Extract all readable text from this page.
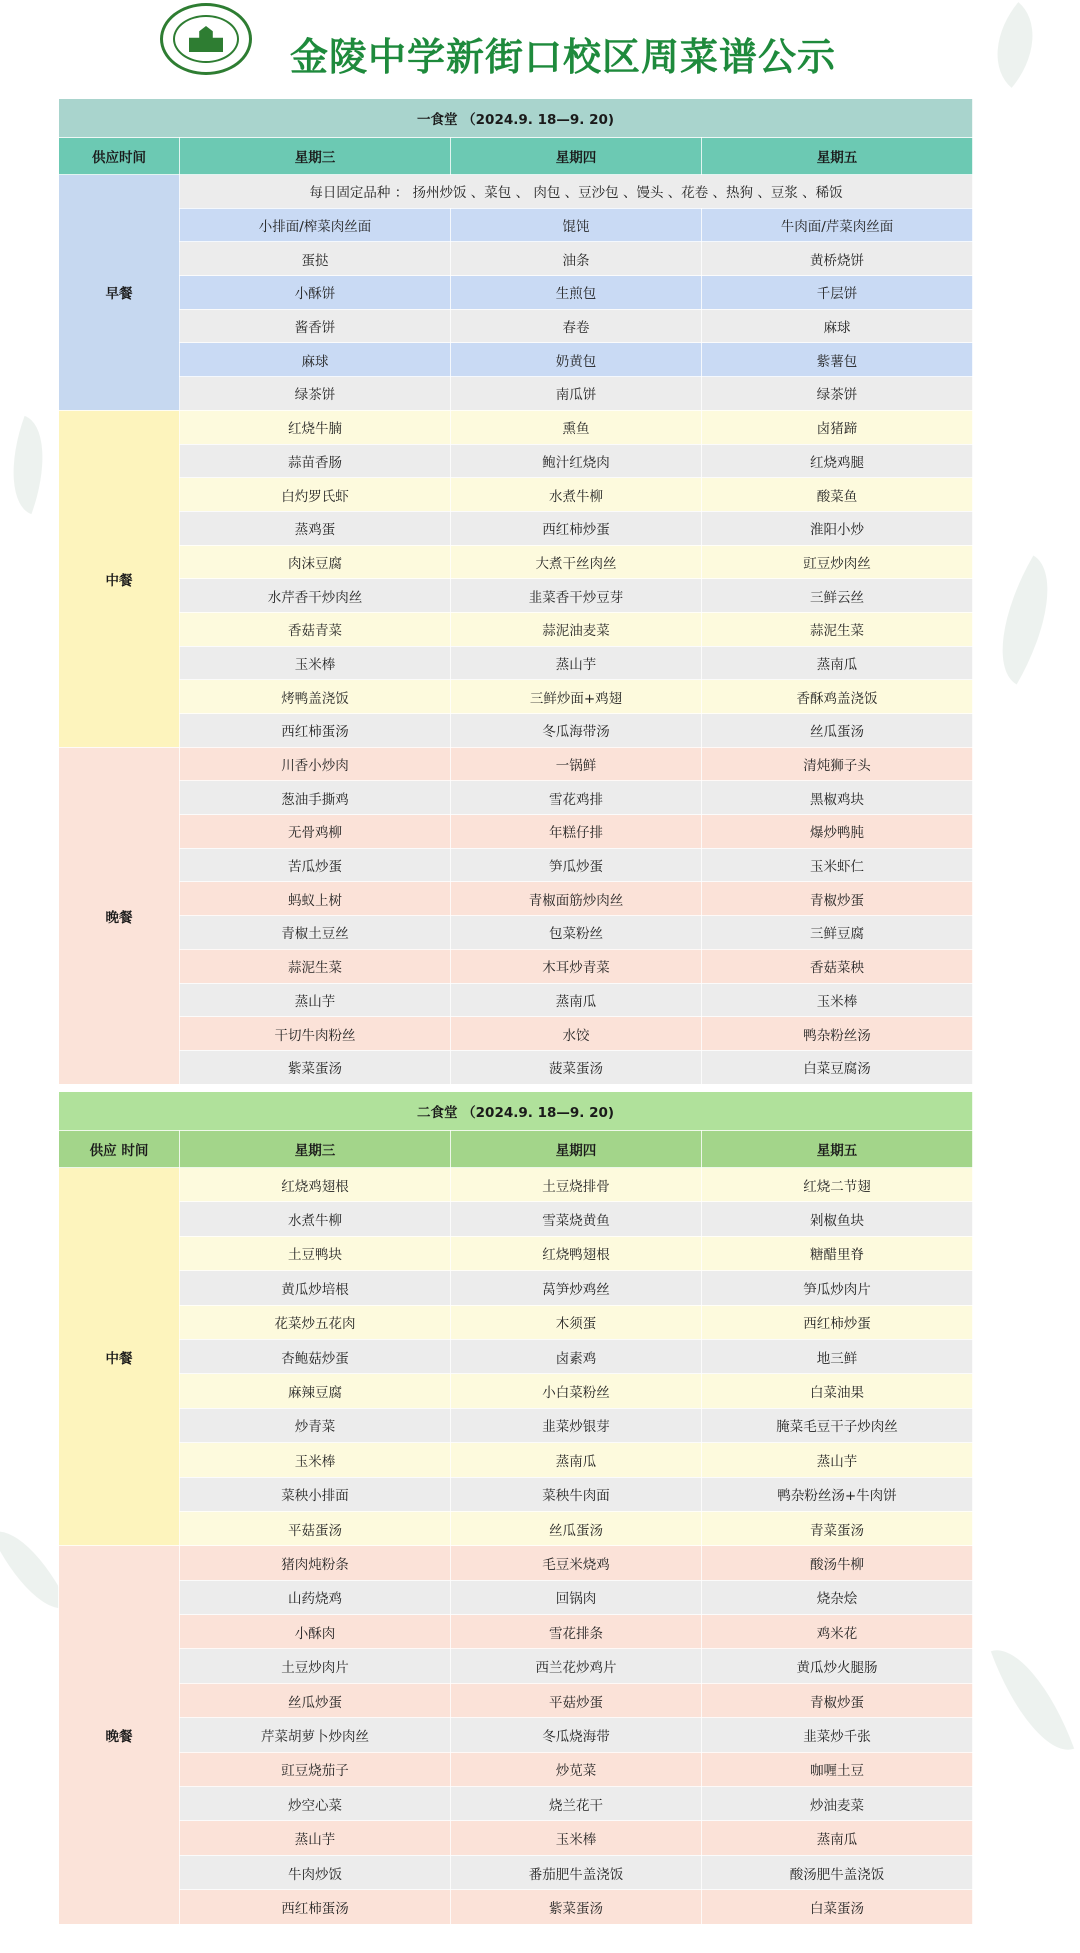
金陵中学新街口校区周菜谱公示
一食堂 （2024.9. 18—9. 20)			
供应时间	星期三	星期四	星期五
早餐	每日固定品种 ： 扬州炒饭 、菜包 、 肉包 、豆沙包 、馒头 、花卷 、热狗 、豆浆 、稀饭		
	小排面/榨菜肉丝面	馄饨	牛肉面/芹菜肉丝面
	蛋挞	油条	黄桥烧饼
	小酥饼	生煎包	千层饼
	酱香饼	春卷	麻球
	麻球	奶黄包	紫薯包
	绿茶饼	南瓜饼	绿茶饼
中餐	红烧牛腩	熏鱼	卤猪蹄
	蒜苗香肠	鲍汁红烧肉	红烧鸡腿
	白灼罗氏虾	水煮牛柳	酸菜鱼
	蒸鸡蛋	西红柿炒蛋	淮阳小炒
	肉沫豆腐	大煮干丝肉丝	豇豆炒肉丝
	水芹香干炒肉丝	韭菜香干炒豆芽	三鲜云丝
	香菇青菜	蒜泥油麦菜	蒜泥生菜
	玉米棒	蒸山芋	蒸南瓜
	烤鸭盖浇饭	三鲜炒面+鸡翅	香酥鸡盖浇饭
	西红柿蛋汤	冬瓜海带汤	丝瓜蛋汤
晚餐	川香小炒肉	一锅鲜	清炖狮子头
	葱油手撕鸡	雪花鸡排	黑椒鸡块
	无骨鸡柳	年糕仔排	爆炒鸭肫
	苦瓜炒蛋	笋瓜炒蛋	玉米虾仁
	蚂蚁上树	青椒面筋炒肉丝	青椒炒蛋
	青椒土豆丝	包菜粉丝	三鲜豆腐
	蒜泥生菜	木耳炒青菜	香菇菜秧
	蒸山芋	蒸南瓜	玉米棒
	干切牛肉粉丝	水饺	鸭杂粉丝汤
	紫菜蛋汤	菠菜蛋汤	白菜豆腐汤
二食堂 （2024.9. 18—9. 20)			
供应 时间	星期三	星期四	星期五
中餐	红烧鸡翅根	土豆烧排骨	红烧二节翅
	水煮牛柳	雪菜烧黄鱼	剁椒鱼块
	土豆鸭块	红烧鸭翅根	糖醋里脊
	黄瓜炒培根	莴笋炒鸡丝	笋瓜炒肉片
	花菜炒五花肉	木须蛋	西红柿炒蛋
	杏鲍菇炒蛋	卤素鸡	地三鲜
	麻辣豆腐	小白菜粉丝	白菜油果
	炒青菜	韭菜炒银芽	腌菜毛豆干子炒肉丝
	玉米棒	蒸南瓜	蒸山芋
	菜秧小排面	菜秧牛肉面	鸭杂粉丝汤+牛肉饼
	平菇蛋汤	丝瓜蛋汤	青菜蛋汤
晚餐	猪肉炖粉条	毛豆米烧鸡	酸汤牛柳
	山药烧鸡	回锅肉	烧杂烩
	小酥肉	雪花排条	鸡米花
	土豆炒肉片	西兰花炒鸡片	黄瓜炒火腿肠
	丝瓜炒蛋	平菇炒蛋	青椒炒蛋
	芹菜胡萝卜炒肉丝	冬瓜烧海带	韭菜炒千张
	豇豆烧茄子	炒苋菜	咖喱土豆
	炒空心菜	烧兰花干	炒油麦菜
	蒸山芋	玉米棒	蒸南瓜
	牛肉炒饭	番茄肥牛盖浇饭	酸汤肥牛盖浇饭
	西红柿蛋汤	紫菜蛋汤	白菜蛋汤
